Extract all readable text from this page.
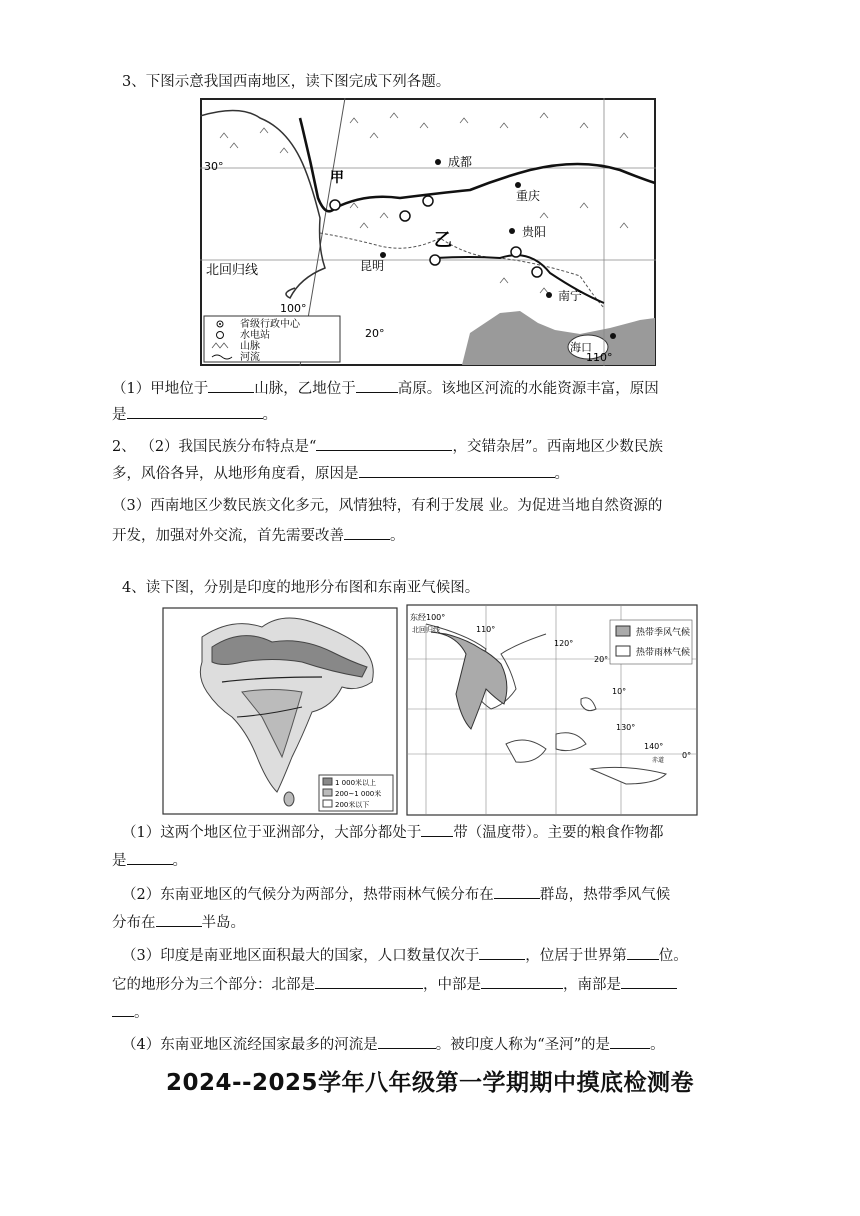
3、下图示意我国西南地区，读下图完成下列各题。
成都
重庆
贵阳
昆明
南宁
海口
甲
乙
30°
20°
100°
110°
北回归线
省级行政中心
水电站
山脉
河流
（1）甲地位于	山脉，乙地位于	高原。该地区河流的水能资源丰富，原因
是	。
2、 （2）我国民族分布特点是“	，交错杂居”。西南地区少数民族
多，风俗各异，从地形角度看，原因是	。
（3）西南地区少数民族文化多元，风情独特，有利于发展 业。为促进当地自然资源的
开发，加强对外交流，首先需要改善	。
4、读下图，分别是印度的地形分布图和东南亚气候图。
1 000米以上
200~1 000米
200米以下
热带季风气候
热带雨林气候
东经100°
北回归线	110°
120°
20°
10°
130°
140°
0°
赤道
（1）这两个地区位于亚洲部分，大部分都处于 带（温度带）。主要的粮食作物都
是	。
（2）东南亚地区的气候分为两部分，热带雨林气候分布在	群岛，热带季风气候
分布在	半岛。
（3）印度是南亚地区面积最大的国家，人口数量仅次于	，位居于世界第 位。
它的地形分为三个部分：北部是	，中部是	，南部是
。
（4）东南亚地区流经国家最多的河流是	。被印度人称为“圣河”的是	。
2024--2025学年八年级第一学期期中摸底检测卷
